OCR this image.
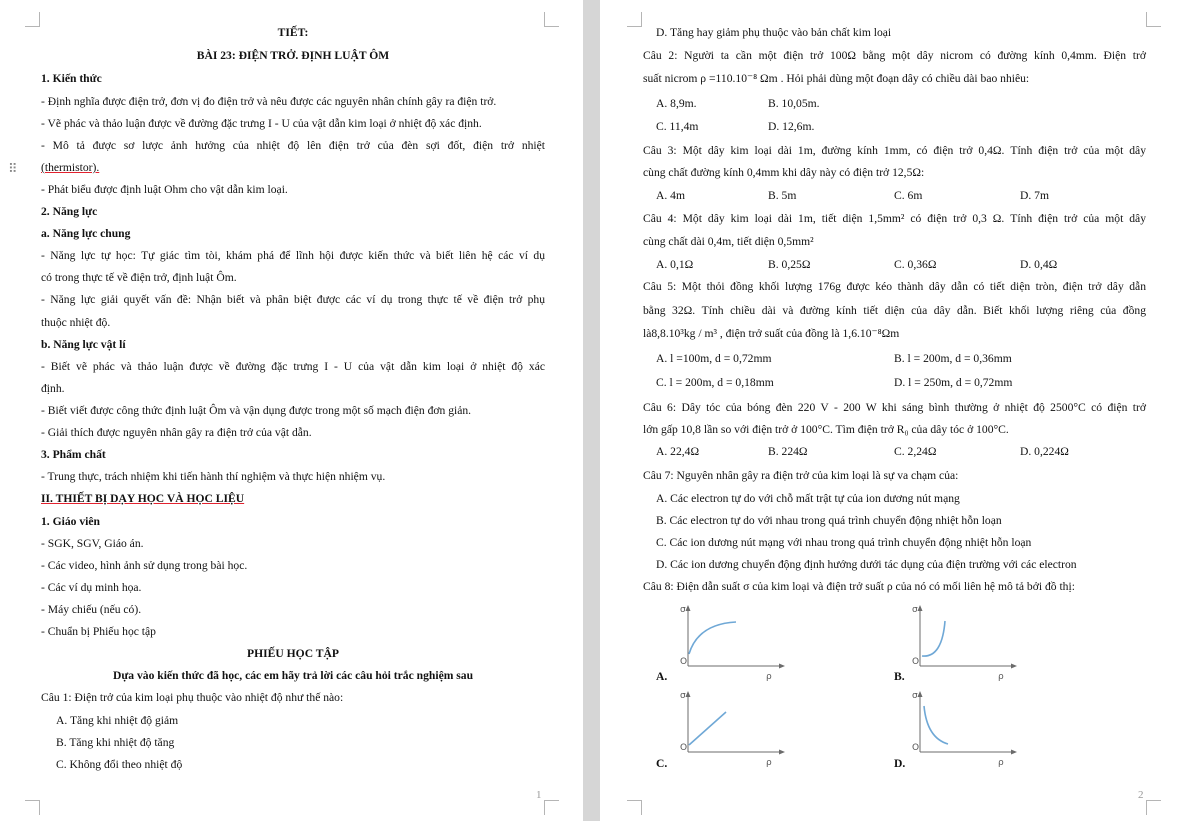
⠿
TIẾT:
BÀI 23: ĐIỆN TRỞ. ĐỊNH LUẬT ÔM
1. Kiến thức
- Định nghĩa được điện trở, đơn vị đo điện trở và nêu được các nguyên nhân chính gây ra điện trở.
- Vẽ phác và thảo luận được về đường đặc trưng I - U của vật dẫn kim loại ở nhiệt độ xác định.
- Mô tả được sơ lược ảnh hưởng của nhiệt độ lên điện trở của đèn sợi đốt, điện trở nhiệt
(thermistor).
- Phát biểu được định luật Ohm cho vật dẫn kim loại.
2. Năng lực
a. Năng lực chung
- Năng lực tự học: Tự giác tìm tòi, khám phá để lĩnh hội được kiến thức và biết liên hệ các ví dụ
có trong thực tế về điện trở, định luật Ôm.
- Năng lực giải quyết vấn đề: Nhận biết và phân biệt được các ví dụ trong thực tế về điện trở phụ
thuộc nhiệt độ.
b. Năng lực vật lí
- Biết vẽ phác và thảo luận được về đường đặc trưng I - U của vật dẫn kim loại ở nhiệt độ xác
định.
- Biết viết được công thức định luật Ôm và vận dụng được trong một số mạch điện đơn giản.
- Giải thích được nguyên nhân gây ra điện trở của vật dẫn.
3. Phẩm chất
- Trung thực, trách nhiệm khi tiến hành thí nghiệm và thực hiện nhiệm vụ.
II. THIẾT BỊ DẠY HỌC VÀ HỌC LIỆU
1. Giáo viên
- SGK, SGV, Giáo án.
- Các video, hình ảnh sử dụng trong bài học.
- Các ví dụ minh họa.
- Máy chiếu (nếu có).
- Chuẩn bị Phiếu học tập
PHIẾU HỌC TẬP
Dựa vào kiến thức đã học, các em hãy trả lời các câu hỏi trắc nghiệm sau
Câu 1: Điện trở của kim loại phụ thuộc vào nhiệt độ như thế nào:
A. Tăng khi nhiệt độ giảm
B. Tăng khi nhiệt độ tăng
C. Không đổi theo nhiệt độ
1
D. Tăng hay giảm phụ thuộc vào bản chất kim loại
Câu 2: Người ta cần một điện trở 100Ω bằng một dây nicrom có đường kính 0,4mm. Điện trở
suất nicrom ρ =110.10⁻⁸ Ωm . Hỏi phải dùng một đoạn dây có chiều dài bao nhiêu:
A. 8,9m.	B. 10,05m.
C. 11,4m	D. 12,6m.
Câu 3: Một dây kim loại dài 1m, đường kính 1mm, có điện trở 0,4Ω. Tính điện trở của một dây
cùng chất đường kính 0,4mm khi dây này có điện trở 12,5Ω:
A. 4m	B. 5m	C. 6m	D. 7m
Câu 4: Một dây kim loại dài 1m, tiết diện 1,5mm² có điện trở 0,3 Ω. Tính điện trở của một dây
cùng chất dài 0,4m, tiết diện 0,5mm²
A. 0,1Ω	B. 0,25Ω	C. 0,36Ω	D. 0,4Ω
Câu 5: Một thỏi đồng khối lượng 176g được kéo thành dây dẫn có tiết diện tròn, điện trở dây dẫn
bằng 32Ω. Tính chiều dài và đường kính tiết diện của dây dẫn. Biết khối lượng riêng của đồng
là8,8.10³kg / m³ , điện trở suất của đồng là 1,6.10⁻⁸Ωm
A. l =100m, d = 0,72mm	B. l = 200m, d = 0,36mm
C. l = 200m, d = 0,18mm	D. l = 250m, d = 0,72mm
Câu 6: Dây tóc của bóng đèn 220 V - 200 W khi sáng bình thường ở nhiệt độ 2500°C có điện trở
lớn gấp 10,8 lần so với điện trở ở 100°C. Tìm điện trở R₀ của dây tóc ở 100°C.
A. 22,4Ω	B. 224Ω	C. 2,24Ω	D. 0,224Ω
Câu 7: Nguyên nhân gây ra điện trở của kim loại là sự va chạm của:
A. Các electron tự do với chỗ mất trật tự của ion dương nút mạng
B. Các electron tự do với nhau trong quá trình chuyển động nhiệt hỗn loạn
C. Các ion dương nút mạng với nhau trong quá trình chuyển động nhiệt hỗn loạn
D. Các ion dương chuyển động định hướng dưới tác dụng của điện trường với các electron
Câu 8: Điện dẫn suất σ của kim loại và điện trở suất ρ của nó có mối liên hệ mô tả bởi đồ thị:
σ
O
ρ
A.
σ
O
ρ
B.
σ
O
ρ
C.
σ
O
ρ
D.
2
